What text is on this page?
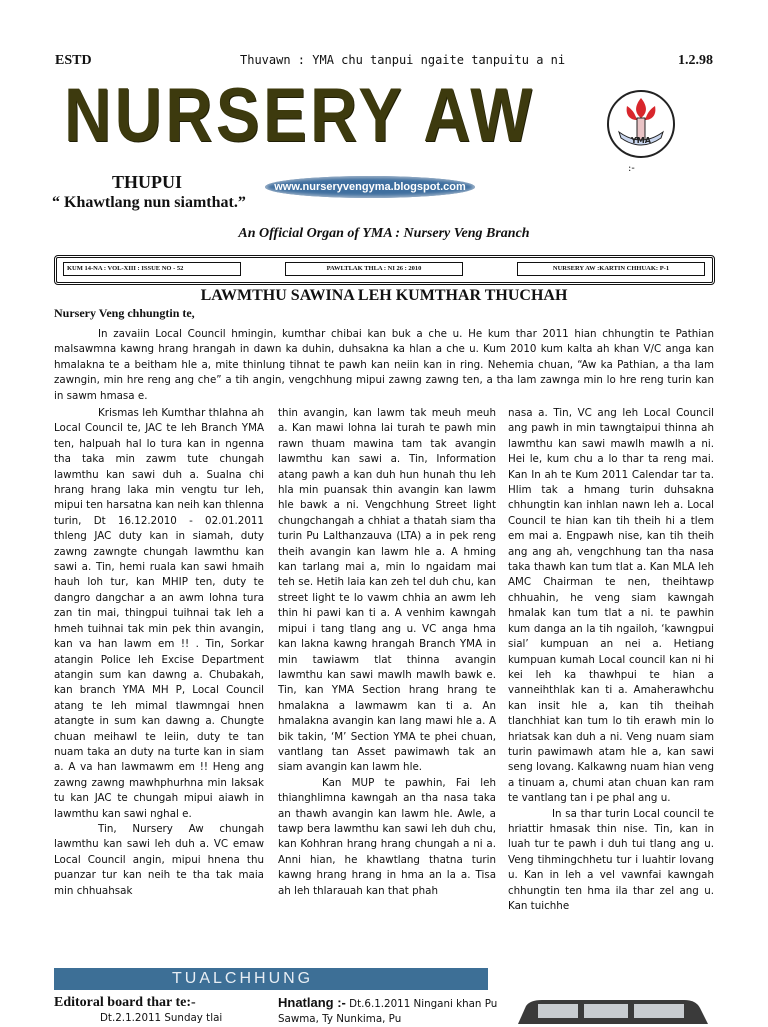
ESTD	Thuvawn : YMA chu tanpui ngaite tanpuitu a ni	1.2.98
NURSERY AW	YMA
:-
THUPUI
“ Khawtlang nun siamthat.”
www.nurseryvengyma.blogspot.com
An Official Organ of YMA : Nursery Veng Branch
KUM 14-NA : VOL-XIII : ISSUE NO - 52	PAWLTLAK THLA : NI 26 : 2010	NURSERY AW :KARTIN CHHUAK: P-1
LAWMTHU SAWINA LEH KUMTHAR THUCHAH
Nursery Veng chhungtin te,

In zavaiin Local Council hmingin, kumthar chibai kan buk a che u. He kum thar 2011 hian chhungtin te Pathian malsawmna kawng hrang hrangah in dawn ka duhin, duhsakna ka hlan a che u. Kum 2010 kum kalta ah khan V/C anga kan hmalakna te a beitham hle a, mite thinlung tihnat te pawh kan neiin kan in ring. Nehemia chuan, “Aw ka Pathian, a tha lam zawngin, min hre reng ang che” a tih angin, vengchhung mipui zawng zawng ten, a tha lam zawnga min lo hre reng turin kan in sawm hmasa e.

Krismas leh Kumthar thlahna ah Local Council te, JAC te leh Branch YMA ten, halpuah hal lo tura kan in ngenna tha taka min zawm tute chungah lawmthu kan sawi duh a. Sualna chi hrang hrang laka min vengtu tur leh, mipui ten harsatna kan neih kan thlenna turin, Dt 16.12.2010 - 02.01.2011 thleng JAC duty kan in siamah, duty zawng zawngte chungah lawmthu kan sawi a. Tin, hemi ruala kan sawi hmaih hauh loh tur, kan MHIP ten, duty te dangro dangchar a an awm lohna tura zan tin mai, thingpui tuihnai tak leh a hmeh tuihnai tak min pek thin avangin, kan va han lawm em !! . Tin, Sorkar atangin Police leh Excise Department atangin sum kan dawng a. Chubakah, kan branch YMA MH P, Local Council atang te leh mimal tlawmngai hnen atangte in sum kan dawng a. Chungte chuan meihawl te leiin, duty te tan nuam taka an duty na turte kan in siam a. A va han lawmawm em !! Heng ang zawng zawng mawhphurhna min laksak tu kan JAC te chungah mipui aiawh in lawmthu kan sawi nghal e.

Tin, Nursery Aw chungah lawmthu kan sawi leh duh a. VC emaw Local Council angin, mipui hnena thu puanzar tur kan neih te tha tak maia min chhuahsak

thin avangin, kan lawm tak meuh meuh a. Kan mawi lohna lai turah te pawh min rawn thuam mawina tam tak avangin lawmthu kan sawi a. Tin, Information atang pawh a kan duh hun hunah thu leh hla min puansak thin avangin kan lawm hle bawk a ni. Vengchhung Street light chungchangah a chhiat a thatah siam tha turin Pu Lalthanzauva (LTA) a in pek reng theih avangin kan lawm hle a. A hming kan tarlang mai a, min lo ngaidam mai teh se. Hetih laia kan zeh tel duh chu, kan street light te lo vawm chhia an awm leh thin hi pawi kan ti a. A venhim kawngah mipui i tang tlang ang u. VC anga hma kan lakna kawng hrangah Branch YMA in min tawiawm tlat thinna avangin lawmthu kan sawi mawlh mawlh bawk e. Tin, kan YMA Section hrang hrang te hmalakna a lawmawm kan ti a. An hmalakna avangin kan lang mawi hle a. A bik takin, ‘M’ Section YMA te phei chuan, vantlang tan Asset pawimawh tak an siam avangin kan lawm hle.

Kan MUP te pawhin, Fai leh thianghlimna kawngah an tha nasa taka an thawh avangin kan lawm hle. Awle, a tawp bera lawmthu kan sawi leh duh chu, kan Kohhran hrang hrang chungah a ni a. Anni hian, he khawtlang thatna turin kawng hrang hrang in hma an la a. Tisa ah leh thlarauah kan that phah

nasa a. Tin, VC ang leh Local Council ang pawh in min tawngtaipui thinna ah lawmthu kan sawi mawlh mawlh a ni. Hei le, kum chu a lo thar ta reng mai. Kan In ah te Kum 2011 Calendar tar ta. Hlim tak a hmang turin duhsakna chhungtin kan inhlan nawn leh a. Local Council te hian kan tih theih hi a tlem em mai a. Engpawh nise, kan tih theih ang ang ah, vengchhung tan tha nasa taka thawh kan tum tlat a. Kan MLA leh AMC Chairman te nen, theihtawp chhuahin, he veng siam kawngah hmalak kan tum tlat a ni. te pawhin kum danga an la tih ngailoh, ‘kawngpui sial’ kumpuan an nei a. Hetiang kumpuan kumah Local council kan ni hi kei leh ka thawhpui te hian a vanneihthlak kan ti a. Amaherawhchu kan insit hle a, kan tih theihah tlanchhiat kan tum lo tih erawh min lo hriatsak kan duh a ni. Veng nuam siam turin pawimawh atam hle a, kan sawi seng lovang. Kalkawng nuam hian veng a tinuam a, chumi atan chuan kan ram te vantlang tan i pe phal ang u.

In sa thar turin Local council te hriattir hmasak thin nise. Tin, kan in luah tur te pawh i duh tui tlang ang u. Veng tihmingchhetu tur i luahtir lovang u. Kan in leh a vel vawnfai kawngah chhungtin ten hma ila thar zel ang u. Kan tuichhe

TUALCHHUNG
Editoral board thar te:-
Dt.2.1.2011 Sunday tlai
Hnatlang :- Dt.6.1.2011 Ningani khan Pu Sawma, Ty Nunkima, Pu
